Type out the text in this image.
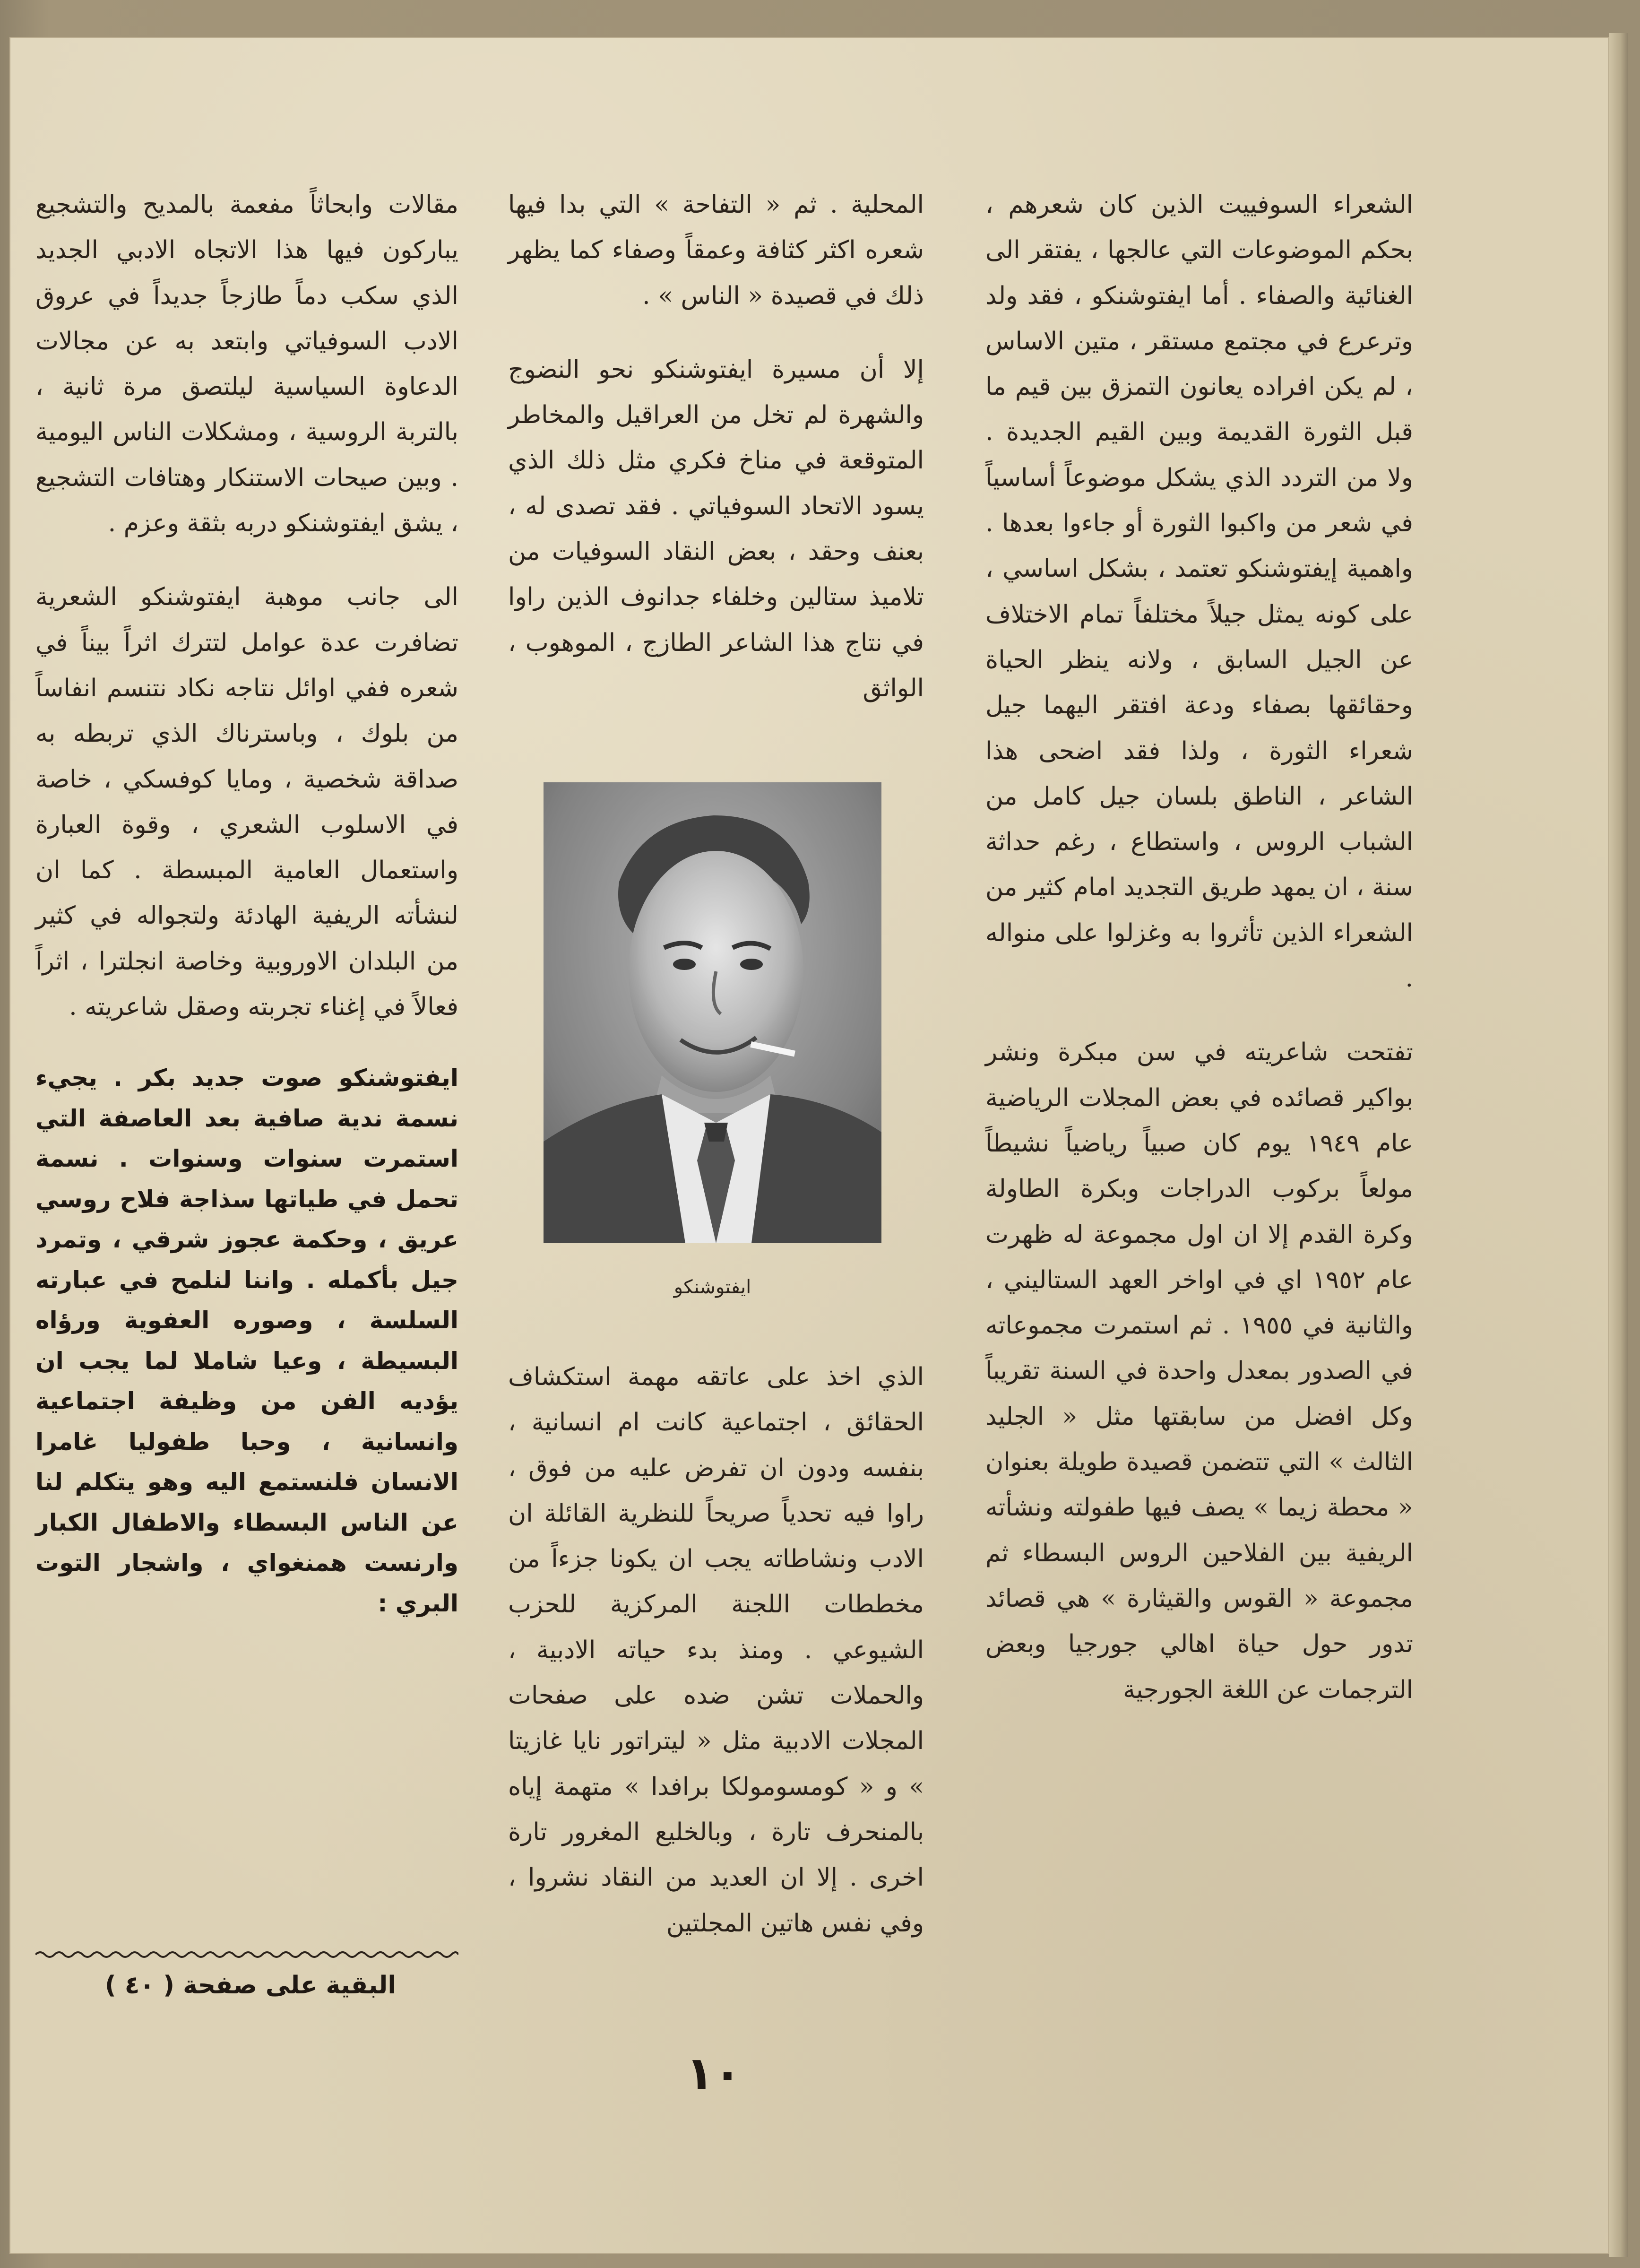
الشعراء السوفييت الذين كان شعرهم ، بحكم الموضوعات التي عالجها ، يفتقر الى الغنائية والصفاء . أما ايفتوشنكو ، فقد ولد وترعرع في مجتمع مستقر ، متين الاساس ، لم يكن افراده يعانون التمزق بين قيم ما قبل الثورة القديمة وبين القيم الجديدة . ولا من التردد الذي يشكل موضوعاً أساسياً في شعر من واكبوا الثورة أو جاءوا بعدها . واهمية إيفتوشنكو تعتمد ، بشكل اساسي ، على كونه يمثل جيلاً مختلفاً تمام الاختلاف عن الجيل السابق ، ولانه ينظر الحياة وحقائقها بصفاء ودعة افتقر اليهما جيل شعراء الثورة ، ولذا فقد اضحى هذا الشاعر ، الناطق بلسان جيل كامل من الشباب الروس ، واستطاع ، رغم حداثة سنة ، ان يمهد طريق التجديد امام كثير من الشعراء الذين تأثروا به وغزلوا على منواله .

تفتحت شاعريته في سن مبكرة ونشر بواكير قصائده في بعض المجلات الرياضية عام ١٩٤٩ يوم كان صبياً رياضياً نشيطاً مولعاً بركوب الدراجات وبكرة الطاولة وكرة القدم إلا ان اول مجموعة له ظهرت عام ١٩٥٢ اي في اواخر العهد الستاليني ، والثانية في ١٩٥٥ . ثم استمرت مجموعاته في الصدور بمعدل واحدة في السنة تقريباً وكل افضل من سابقتها مثل « الجليد الثالث » التي تتضمن قصيدة طويلة بعنوان « محطة زيما » يصف فيها طفولته ونشأته الريفية بين الفلاحين الروس البسطاء ثم مجموعة « القوس والقيثارة » هي قصائد تدور حول حياة اهالي جورجيا وبعض الترجمات عن اللغة الجورجية

المحلية . ثم « التفاحة » التي بدا فيها شعره اكثر كثافة وعمقاً وصفاء كما يظهر ذلك في قصيدة « الناس » .

إلا أن مسيرة ايفتوشنكو نحو النضوج والشهرة لم تخل من العراقيل والمخاطر المتوقعة في مناخ فكري مثل ذلك الذي يسود الاتحاد السوفياتي . فقد تصدى له ، بعنف وحقد ، بعض النقاد السوفيات من تلاميذ ستالين وخلفاء جدانوف الذين راوا في نتاج هذا الشاعر الطازج ، الموهوب ، الواثق

ايفتوشنكو

الذي اخذ على عاتقه مهمة استكشاف الحقائق ، اجتماعية كانت ام انسانية ، بنفسه ودون ان تفرض عليه من فوق ، راوا فيه تحدياً صريحاً للنظرية القائلة ان الادب ونشاطاته يجب ان يكونا جزءاً من مخططات اللجنة المركزية للحزب الشيوعي . ومنذ بدء حياته الادبية ، والحملات تشن ضده على صفحات المجلات الادبية مثل « ليتراتور نايا غازيتا » و « كومسومولكا برافدا » متهمة إياه بالمنحرف تارة ، وبالخليع المغرور تارة اخرى . إلا ان العديد من النقاد نشروا ، وفي نفس هاتين المجلتين

مقالات وابحاثاً مفعمة بالمديح والتشجيع يباركون فيها هذا الاتجاه الادبي الجديد الذي سكب دماً طازجاً جديداً في عروق الادب السوفياتي وابتعد به عن مجالات الدعاوة السياسية ليلتصق مرة ثانية ، بالتربة الروسية ، ومشكلات الناس اليومية . وبين صيحات الاستنكار وهتافات التشجيع ، يشق ايفتوشنكو دربه بثقة وعزم .

الى جانب موهبة ايفتوشنكو الشعرية تضافرت عدة عوامل لتترك اثراً بيناً في شعره ففي اوائل نتاجه نكاد نتنسم انفاساً من بلوك ، وباسترناك الذي تربطه به صداقة شخصية ، ومايا كوفسكي ، خاصة في الاسلوب الشعري ، وقوة العبارة واستعمال العامية المبسطة . كما ان لنشأته الريفية الهادئة ولتجواله في كثير من البلدان الاوروبية وخاصة انجلترا ، اثراً فعالاً في إغناء تجربته وصقل شاعريته .

ايفتوشنكو صوت جديد بكر . يجيء نسمة ندية صافية بعد العاصفة التي استمرت سنوات وسنوات . نسمة تحمل في طياتها سذاجة فلاح روسي عريق ، وحكمة عجوز شرقي ، وتمرد جيل بأكمله . واننا لنلمح في عبارته السلسة ، وصوره العفوية ورؤاه البسيطة ، وعيا شاملا لما يجب ان يؤديه الفن من وظيفة اجتماعية وانسانية ، وحبا طفوليا غامرا الانسان فلنستمع اليه وهو يتكلم لنا عن الناس البسطاء والاطفال الكبار وارنست همنغواي ، واشجار التوت البري :

البقية على صفحة ( ٤٠ )
١٠
